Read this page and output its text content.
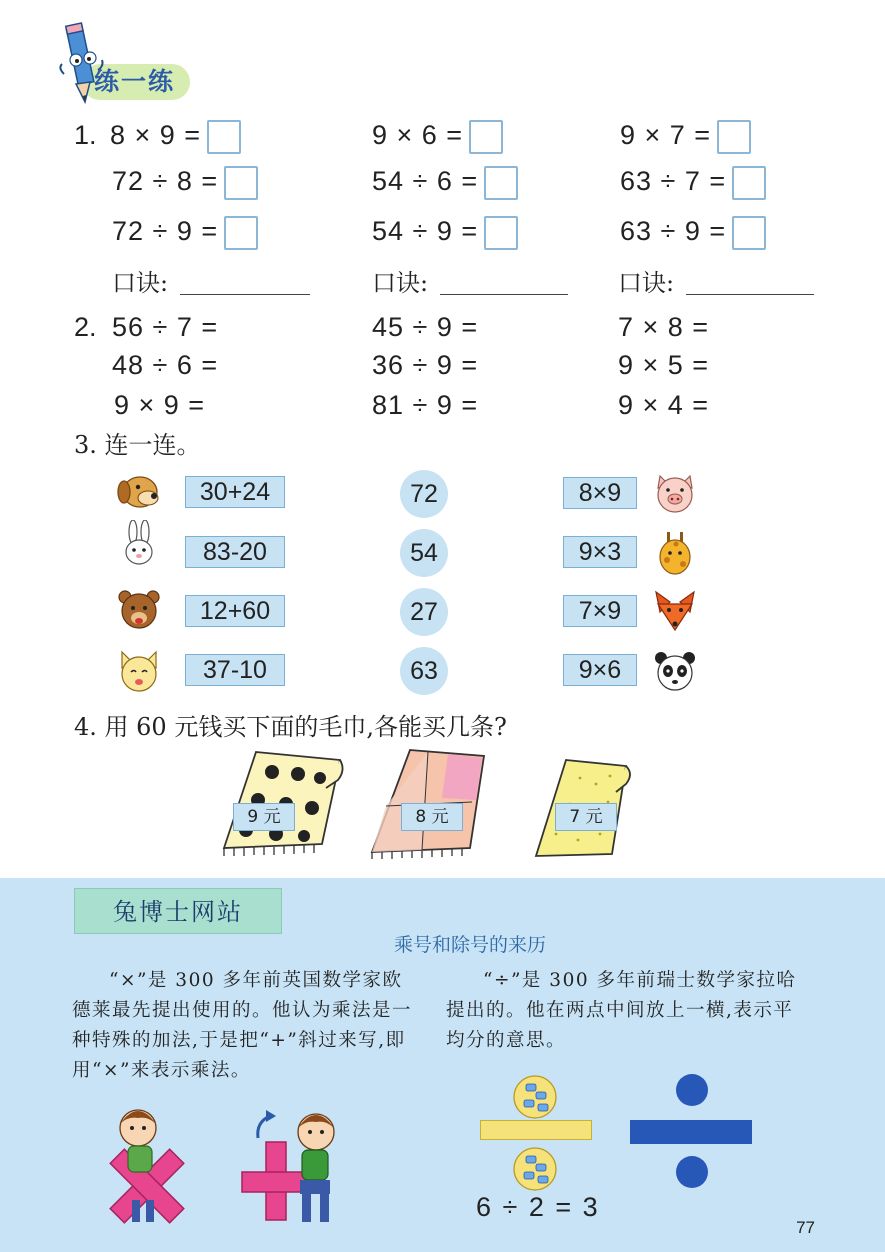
练一练
1. 8 × 9 =	9 × 6 =	9 × 7 =
72 ÷ 8 =	54 ÷ 6 =	63 ÷ 7 =
72 ÷ 9 =	54 ÷ 9 =	63 ÷ 9 =
口诀:	口诀:	口诀:
2. 56 ÷ 7 =	45 ÷ 9 =	7 × 8 =
48 ÷ 6 =	36 ÷ 9 =	9 × 5 =
9 × 9 =	81 ÷ 9 =	9 × 4 =
3. 连一连。
30+24
83-20
12+60
37-10
72
54
27
63
8×9
9×3
7×9
9×6
4. 用 60 元钱买下面的毛巾,各能买几条?
9 元	8 元	7 元
兔博士网站
乘号和除号的来历
“×”是 300 多年前英国数学家欧德莱最先提出使用的。他认为乘法是一种特殊的加法,于是把“+”斜过来写,即用“×”来表示乘法。
“÷”是 300 多年前瑞士数学家拉哈提出的。他在两点中间放上一横,表示平均分的意思。
6 ÷ 2 = 3
77
